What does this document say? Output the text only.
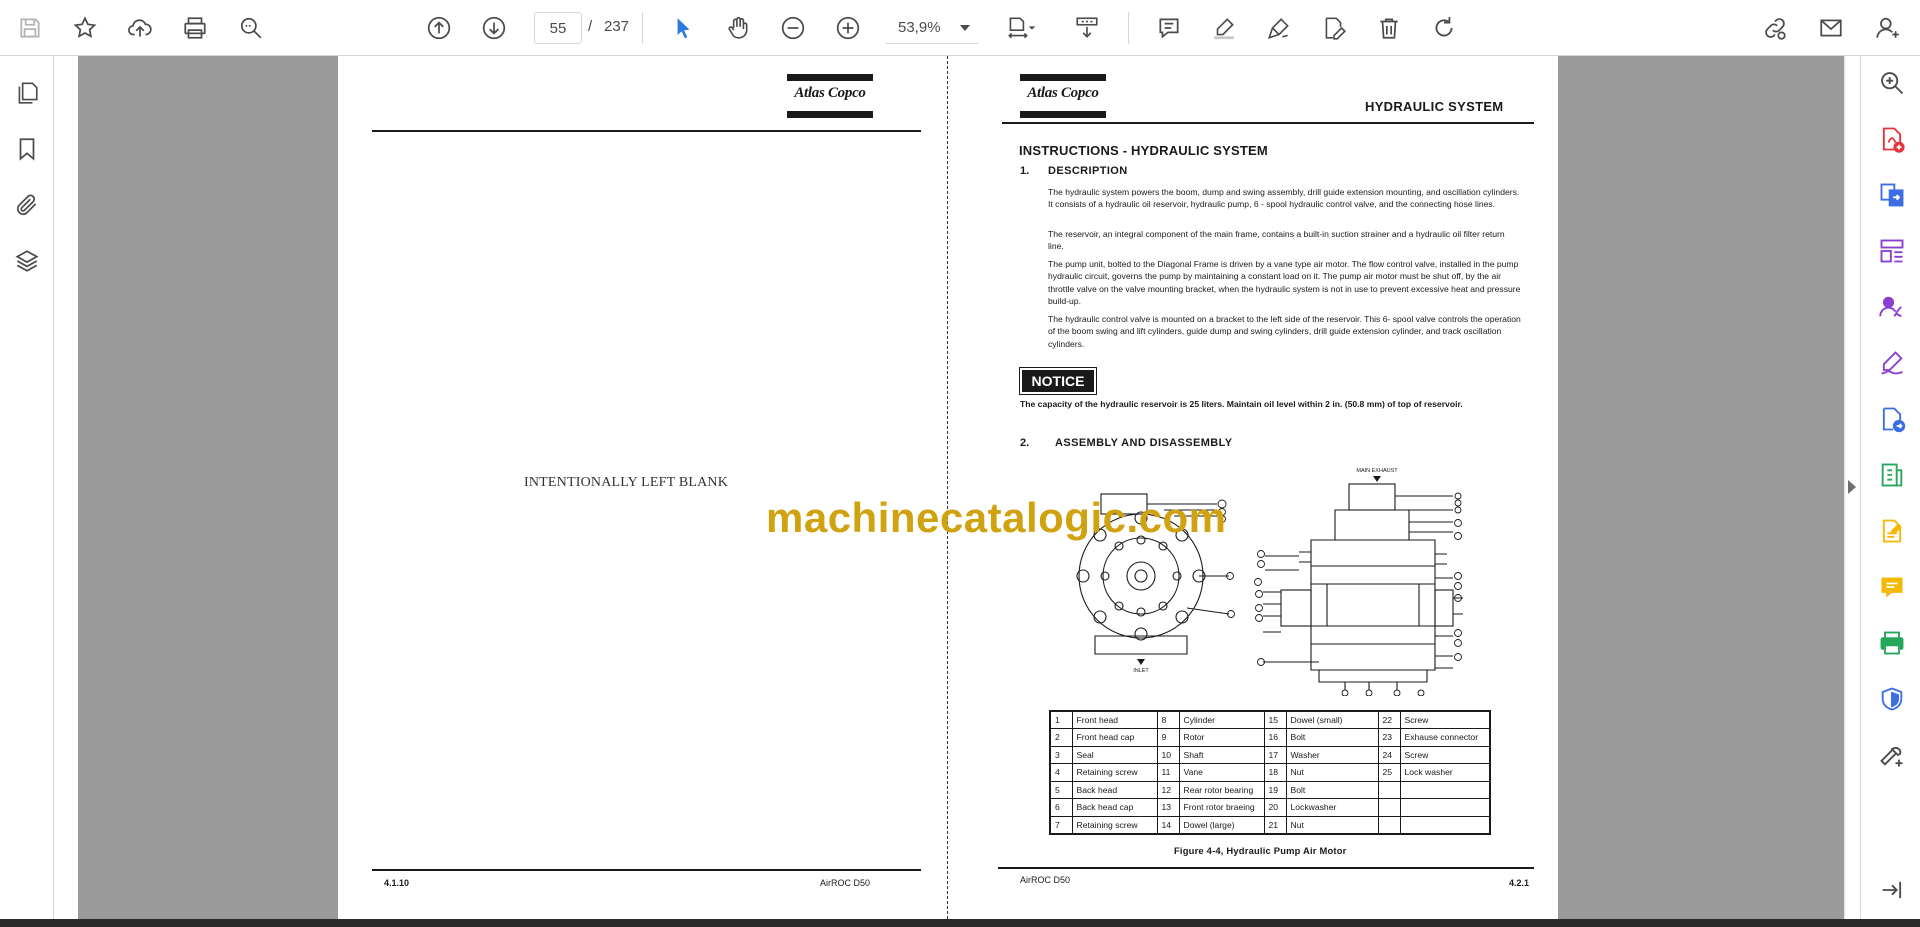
55	/ 237	53,9%
Atlas Copco
INTENTIONALLY LEFT BLANK
4.1.10	AirROC D50
Atlas Copco
HYDRAULIC SYSTEM
INSTRUCTIONS - HYDRAULIC SYSTEM
1. DESCRIPTION
The hydraulic system powers the boom, dump and swing assembly, drill guide extension mounting, and oscillation cylinders. It consists of a hydraulic oil reservoir, hydraulic pump, 6 - spool hydraulic control valve, and the connecting hose lines.
The reservoir, an integral component of the main frame, contains a built-in suction strainer and a hydraulic oil filter return line.
The pump unit, bolted to the Diagonal Frame is driven by a vane type air motor. The flow control valve, installed in the pump hydraulic circuit, governs the pump by maintaining a constant load on it. The pump air motor must be shut off, by the air throttle valve on the valve mounting bracket, when the hydraulic system is not in use to prevent excessive heat and pressure build-up.
The hydraulic control valve is mounted on a bracket to the left side of the reservoir. This 6- spool valve controls the operation of the boom swing and lift cylinders, guide dump and swing cylinders, drill guide extension cylinder, and track oscillation cylinders.
NOTICE
The capacity of the hydraulic reservoir is 25 liters. Maintain oil level within 2 in. (50.8 mm) of top of reservoir.
2. ASSEMBLY AND DISASSEMBLY
MAIN EXHAUST
INLET
1	Front head	8	Cylinder	15	Dowel (small)	22	Screw
2	Front head cap	9	Rotor	16	Bolt	23	Exhause connector
3	Seal	10	Shaft	17	Washer	24	Screw
4	Retaining screw	11	Vane	18	Nut	25	Lock washer
5	Back head	12	Rear rotor bearing	19	Bolt		
6	Back head cap	13	Front rotor braeing	20	Lockwasher		
7	Retaining screw	14	Dowel (large)	21	Nut		
Figure 4-4, Hydraulic Pump Air Motor
AirROC D50	4.2.1
machinecatalogic.com
